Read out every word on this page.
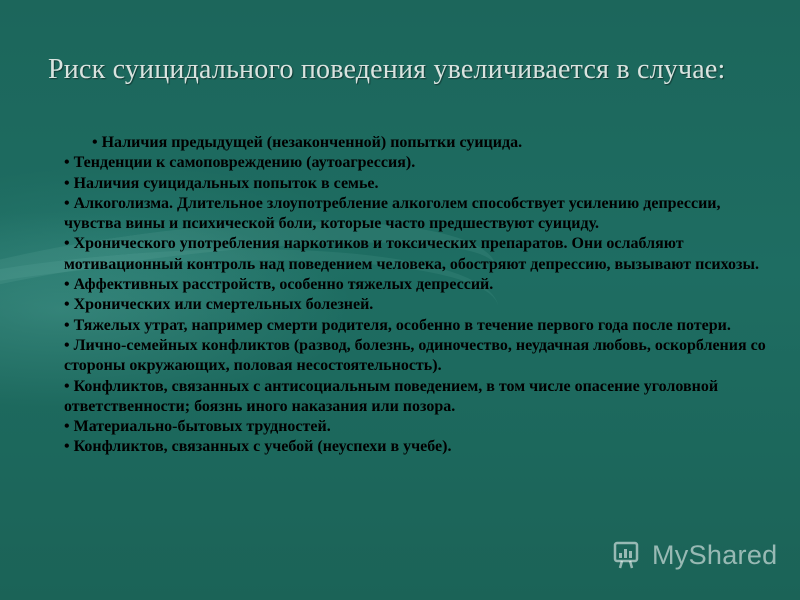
Риск суицидального поведения увеличивается в случае:

• Наличия предыдущей (незаконченной) попытки суицида.

• Тенденции к самоповреждению (аутоагрессия).

• Наличия суицидальных попыток в семье.

• Алкоголизма. Длительное злоупотребление алкоголем способствует усилению депрессии, чувства вины и психической боли, которые часто предшествуют суициду.

• Хронического употребления наркотиков и токсических препаратов. Они ослабляют мотивационный контроль над поведением человека, обостряют депрессию, вызывают психозы.

• Аффективных расстройств, особенно тяжелых депрессий.

• Хронических или смертельных болезней.

• Тяжелых утрат, например смерти родителя, особенно в течение первого года после потери.

• Лично-семейных конфликтов (развод, болезнь, одиночество, неудачная любовь, оскорбления со стороны окружающих, половая несостоятельность).

• Конфликтов, связанных с антисоциальным поведением, в том числе опасение уголовной ответственности; боязнь иного наказания или позора.

• Материально-бытовых трудностей.

• Конфликтов, связанных с учебой (неуспехи в учебе).

MyShared
